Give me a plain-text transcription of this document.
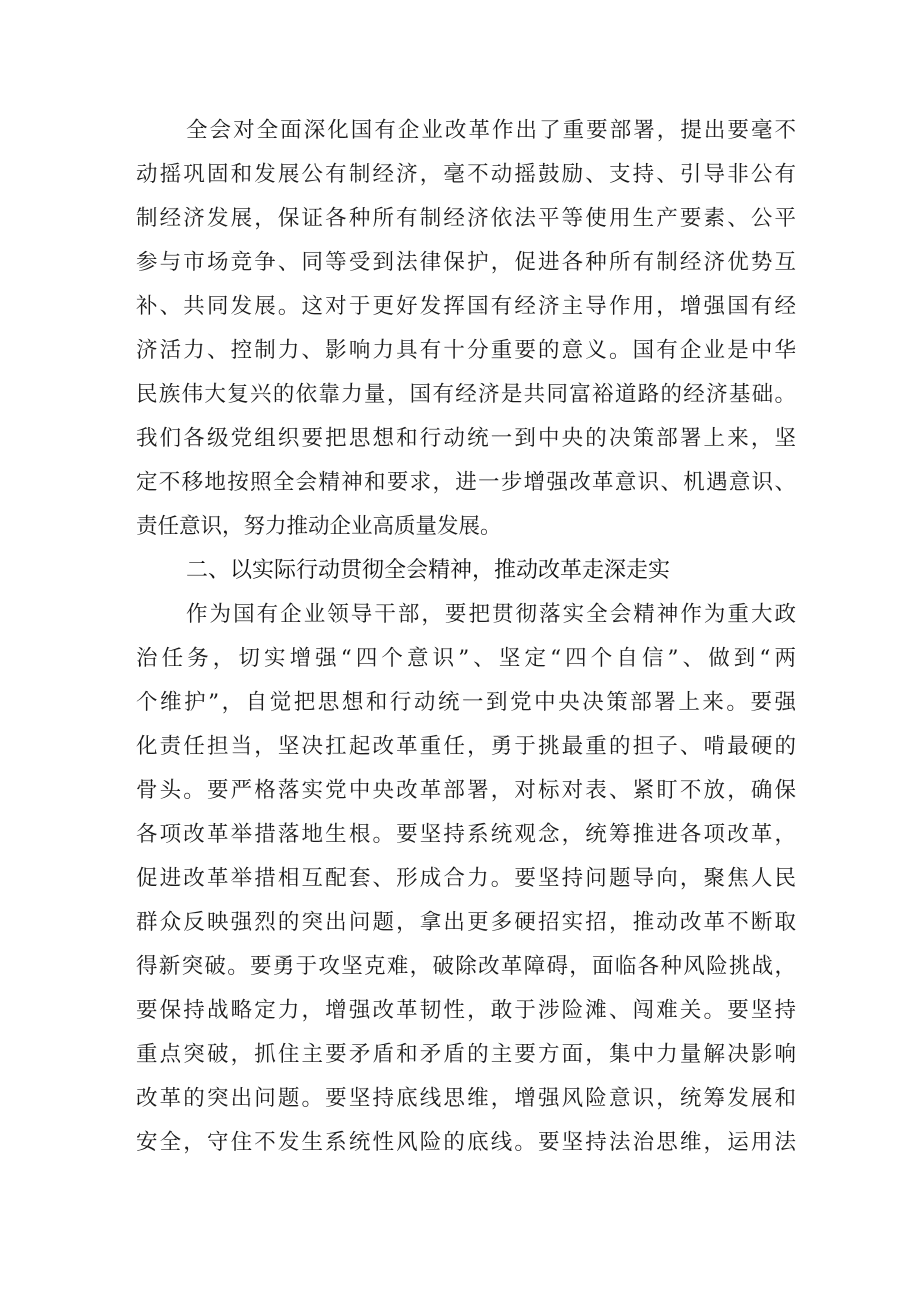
全会对全面深化国有企业改革作出了重要部署，提出要毫不
动摇巩固和发展公有制经济，毫不动摇鼓励、支持、引导非公有
制经济发展，保证各种所有制经济依法平等使用生产要素、公平
参与市场竞争、同等受到法律保护，促进各种所有制经济优势互
补、共同发展。这对于更好发挥国有经济主导作用，增强国有经
济活力、控制力、影响力具有十分重要的意义。国有企业是中华
民族伟大复兴的依靠力量，国有经济是共同富裕道路的经济基础。
我们各级党组织要把思想和行动统一到中央的决策部署上来，坚
定不移地按照全会精神和要求，进一步增强改革意识、机遇意识、
责任意识，努力推动企业高质量发展。
二、以实际行动贯彻全会精神，推动改革走深走实
作为国有企业领导干部，要把贯彻落实全会精神作为重大政
治任务，切实增强“四个意识”、坚定“四个自信”、做到“两
个维护”，自觉把思想和行动统一到党中央决策部署上来。要强
化责任担当，坚决扛起改革重任，勇于挑最重的担子、啃最硬的
骨头。要严格落实党中央改革部署，对标对表、紧盯不放，确保
各项改革举措落地生根。要坚持系统观念，统筹推进各项改革，
促进改革举措相互配套、形成合力。要坚持问题导向，聚焦人民
群众反映强烈的突出问题，拿出更多硬招实招，推动改革不断取
得新突破。要勇于攻坚克难，破除改革障碍，面临各种风险挑战，
要保持战略定力，增强改革韧性，敢于涉险滩、闯难关。要坚持
重点突破，抓住主要矛盾和矛盾的主要方面，集中力量解决影响
改革的突出问题。要坚持底线思维，增强风险意识，统筹发展和
安全，守住不发生系统性风险的底线。要坚持法治思维，运用法
